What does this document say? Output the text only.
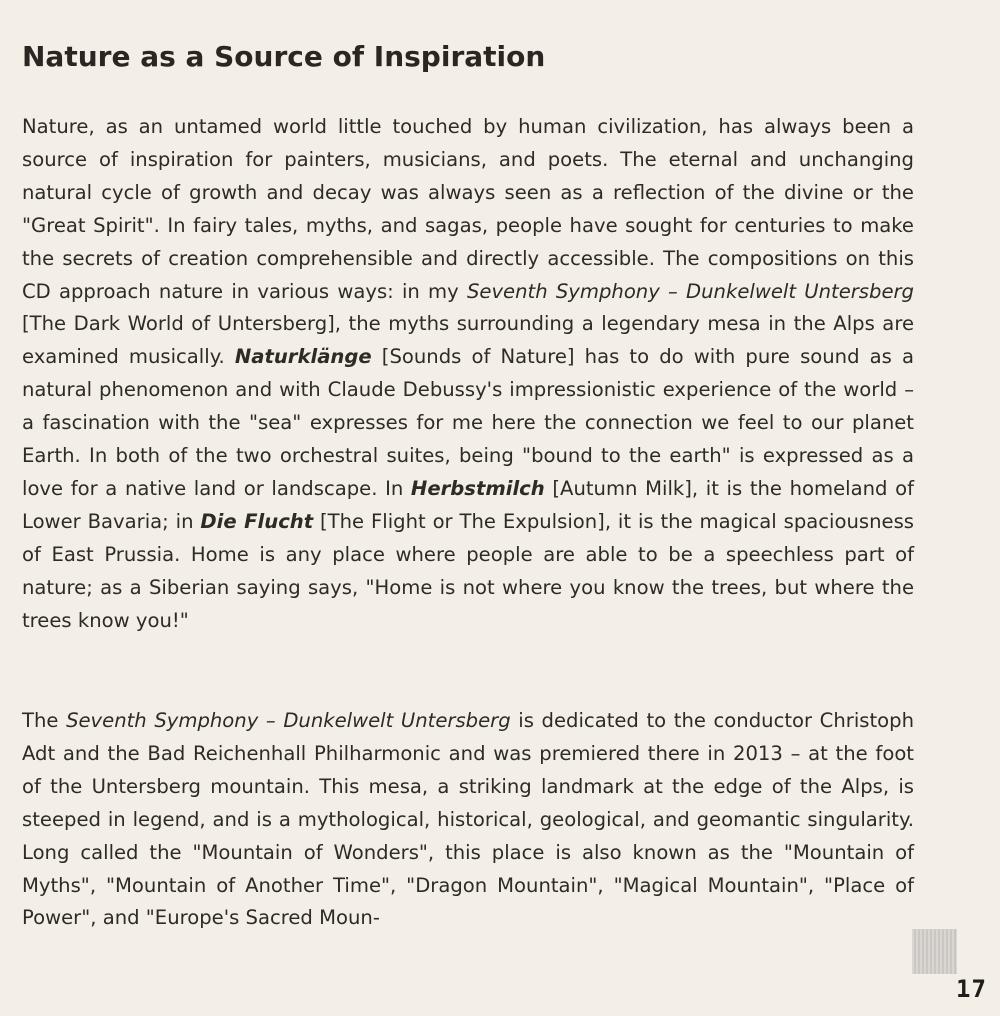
Nature as a Source of Inspiration

Nature, as an untamed world little touched by human civilization, has always been a source of inspiration for painters, musicians, and poets. The eternal and unchanging natural cycle of growth and decay was always seen as a reflection of the divine or the "Great Spirit". In fairy tales, myths, and sagas, people have sought for centuries to make the secrets of creation comprehensible and directly accessible. The compositions on this CD approach nature in various ways: in my Seventh Symphony – Dunkelwelt Untersberg [The Dark World of Untersberg], the myths surrounding a legendary mesa in the Alps are examined musically. Naturklänge [Sounds of Nature] has to do with pure sound as a natural phenomenon and with Claude Debussy's impressionistic experience of the world – a fascination with the "sea" expresses for me here the connection we feel to our planet Earth. In both of the two orchestral suites, being "bound to the earth" is expressed as a love for a native land or landscape. In Herbstmilch [Autumn Milk], it is the homeland of Lower Bavaria; in Die Flucht [The Flight or The Expulsion], it is the magical spaciousness of East Prussia. Home is any place where people are able to be a speechless part of nature; as a Siberian saying says, "Home is not where you know the trees, but where the trees know you!"

The Seventh Symphony – Dunkelwelt Untersberg is dedicated to the conductor Christoph Adt and the Bad Reichenhall Philharmonic and was premiered there in 2013 – at the foot of the Untersberg mountain. This mesa, a striking landmark at the edge of the Alps, is steeped in legend, and is a mythological, historical, geological, and geomantic singularity. Long called the "Mountain of Wonders", this place is also known as the "Mountain of Myths", "Mountain of Another Time", "Dragon Mountain", "Magical Mountain", "Place of Power", and "Europe's Sacred Moun-

17
